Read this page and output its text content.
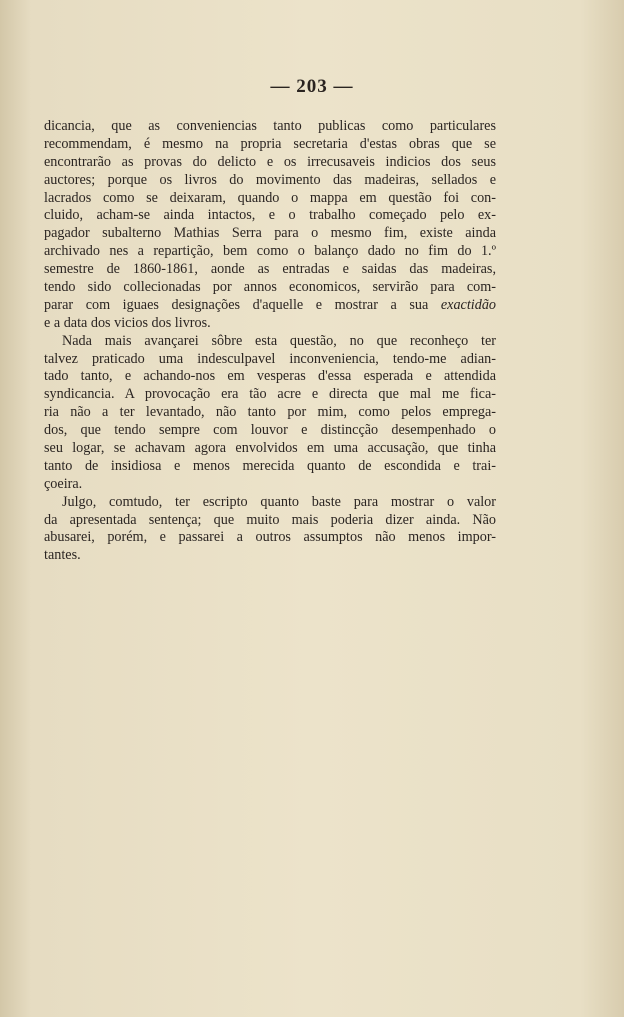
— 203 —
dicancia, que as conveniencias tanto publicas como particulares
recommendam, é mesmo na propria secretaria d'estas obras que se
encontrarão as provas do delicto e os irrecusaveis indicios dos seus
auctores; porque os livros do movimento das madeiras, sellados e
lacrados como se deixaram, quando o mappa em questão foi con-
cluido, acham-se ainda intactos, e o trabalho começado pelo ex-
pagador subalterno Mathias Serra para o mesmo fim, existe ainda
archivado nes a repartição, bem como o balanço dado no fim do 1.º
semestre de 1860-1861, aonde as entradas e saidas das madeiras,
tendo sido collecionadas por annos economicos, servirão para com-
parar com iguaes designações d'aquelle e mostrar a sua exactidão
e a data dos vicios dos livros.
Nada mais avançarei sôbre esta questão, no que reconheço ter
talvez praticado uma indesculpavel inconveniencia, tendo-me adian-
tado tanto, e achando-nos em vesperas d'essa esperada e attendida
syndicancia. A provocação era tão acre e directa que mal me fica-
ria não a ter levantado, não tanto por mim, como pelos emprega-
dos, que tendo sempre com louvor e distincção desempenhado o
seu logar, se achavam agora envolvidos em uma accusação, que tinha
tanto de insidiosa e menos merecida quanto de escondida e trai-
çoeira.
Julgo, comtudo, ter escripto quanto baste para mostrar o valor
da apresentada sentença; que muito mais poderia dizer ainda. Não
abusarei, porém, e passarei a outros assumptos não menos impor-
tantes.
